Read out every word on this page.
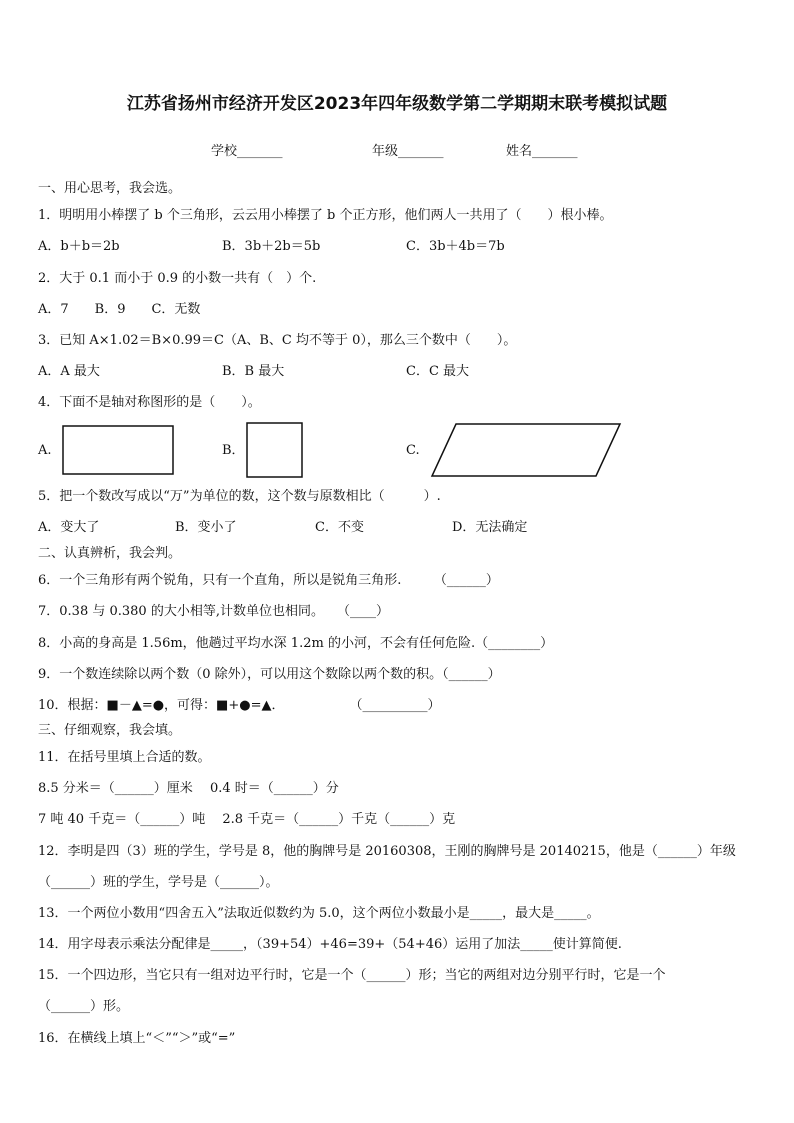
江苏省扬州市经济开发区2023年四年级数学第二学期期末联考模拟试题
学校_______	年级_______	姓名_______
一、用心思考，我会选。
1．明明用小棒摆了 b 个三角形，云云用小棒摆了 b 个正方形，他们两人一共用了（　　）根小棒。
A．b＋b＝2b	B．3b＋2b＝5b	C．3b＋4b＝7b
2．大于 0.1 而小于 0.9 的小数一共有（　）个.
A．7　　B．9　　C．无数
3．已知 A×1.02＝B×0.99＝C（A、B、C 均不等于 0），那么三个数中（　　）。
A．A 最大	B．B 最大	C．C 最大
4．下面不是轴对称图形的是（　　）。
A.	B．	C.
5．把一个数改写成以“万”为单位的数，这个数与原数相比（　　　）.
A．变大了	B．变小了	C．不变	D．无法确定
二、认真辨析，我会判。
6．一个三角形有两个锐角，只有一个直角，所以是锐角三角形.　　　（______）
7．0.38 与 0.380 的大小相等,计数单位也相同。　　（____）
8．小高的身高是 1.56m，他趟过平均水深 1.2m 的小河，不会有任何危险.（________）
9．一个数连续除以两个数（0 除外），可以用这个数除以两个数的积。（______）
10．根据：■－▲=●，可得：■+●=▲．　　　　　　（__________）
三、仔细观察，我会填。
11．在括号里填上合适的数。
8.5 分米＝（______）厘米　 0.4 时＝（______）分
7 吨 40 千克＝（______）吨　 2.8 千克＝（______）千克（______）克
12．李明是四（3）班的学生，学号是 8，他的胸牌号是 20160308，王刚的胸牌号是 20140215，他是（______）年级
（______）班的学生，学号是（______）。
13．一个两位小数用“四舍五入”法取近似数约为 5.0，这个两位小数最小是_____，最大是_____。
14．用字母表示乘法分配律是_____，（39+54）+46=39+（54+46）运用了加法_____使计算简便.
15．一个四边形，当它只有一组对边平行时，它是一个（______）形；当它的两组对边分别平行时，它是一个
（______）形。
16．在横线上填上“＜”“＞”或“=”
